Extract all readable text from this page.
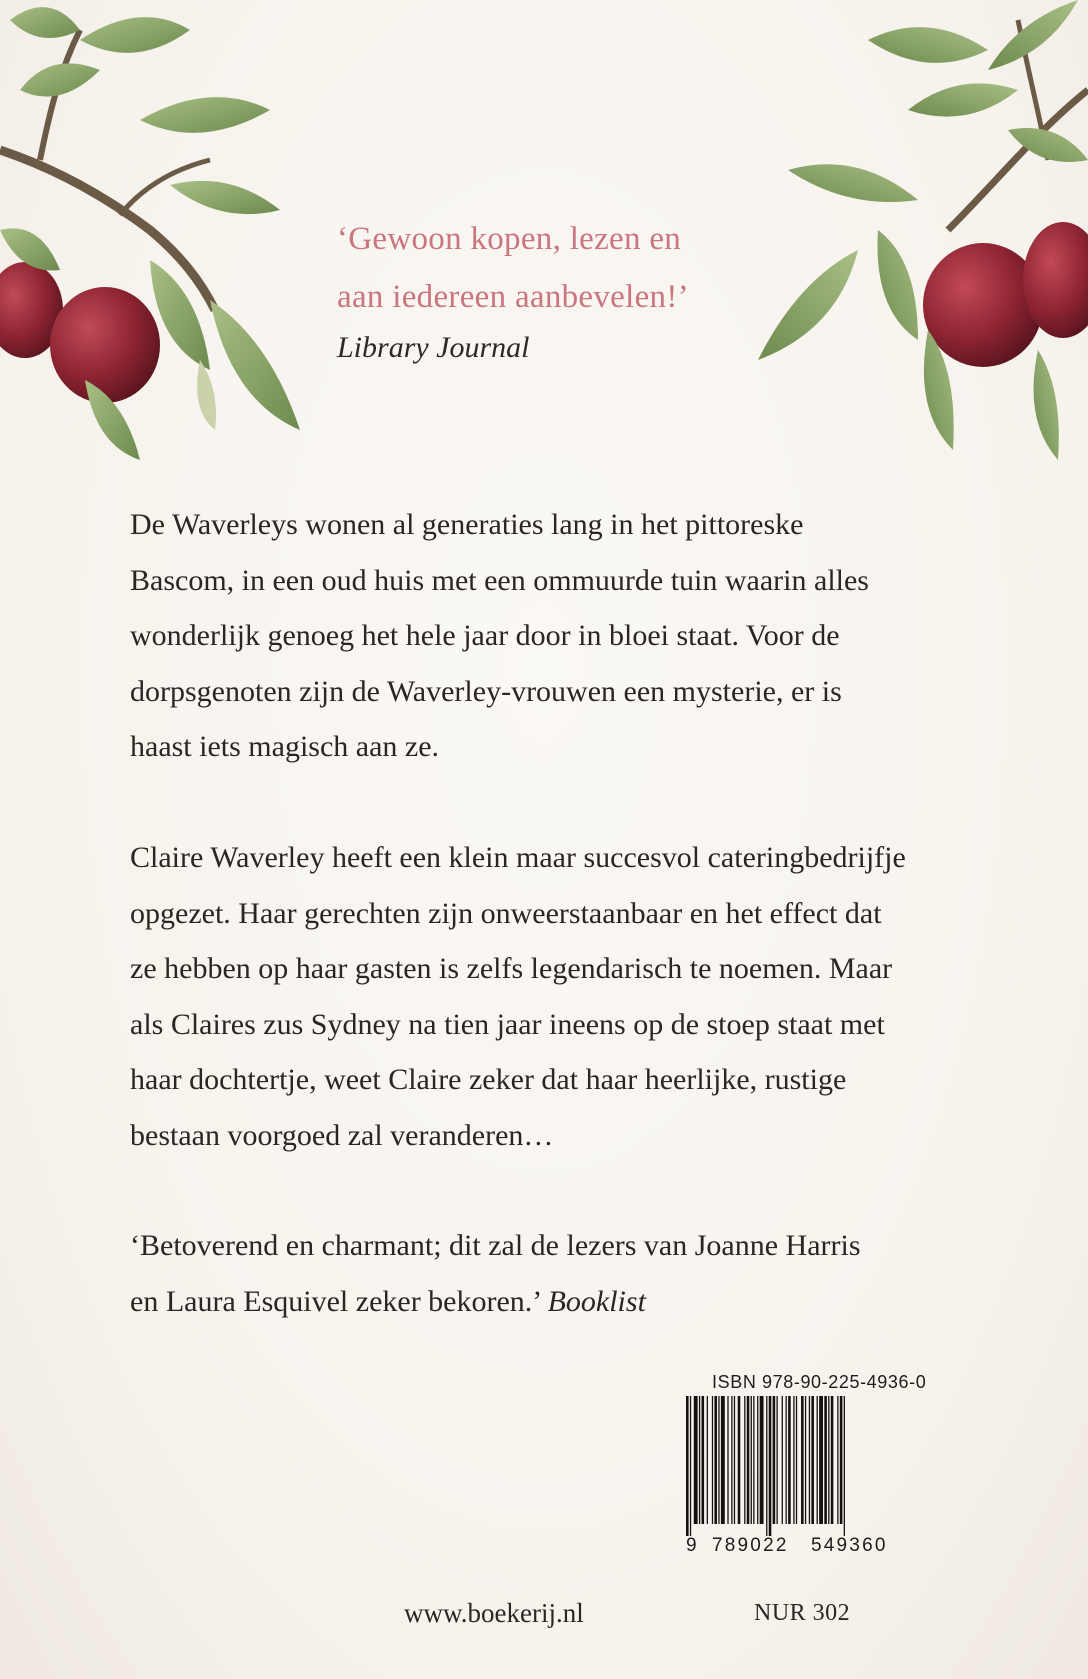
‘Gewoon kopen, lezen en

aan iedereen aanbevelen!’

Library Journal

De Waverleys wonen al generaties lang in het pittoreske
Bascom, in een oud huis met een ommuurde tuin waarin alles
wonderlijk genoeg het hele jaar door in bloei staat. Voor de
dorpsgenoten zijn de Waverley-vrouwen een mysterie, er is
haast iets magisch aan ze.

Claire Waverley heeft een klein maar succesvol cateringbedrijfje
opgezet. Haar gerechten zijn onweerstaanbaar en het effect dat
ze hebben op haar gasten is zelfs legendarisch te noemen. Maar
als Claires zus Sydney na tien jaar ineens op de stoep staat met
haar dochtertje, weet Claire zeker dat haar heerlijke, rustige
bestaan voorgoed zal veranderen…

‘Betoverend en charmant; dit zal de lezers van Joanne Harris
en Laura Esquivel zeker bekoren.’ Booklist

ISBN 978-90-225-4936-0
9 789022 549360
www.boekerij.nl	NUR 302
